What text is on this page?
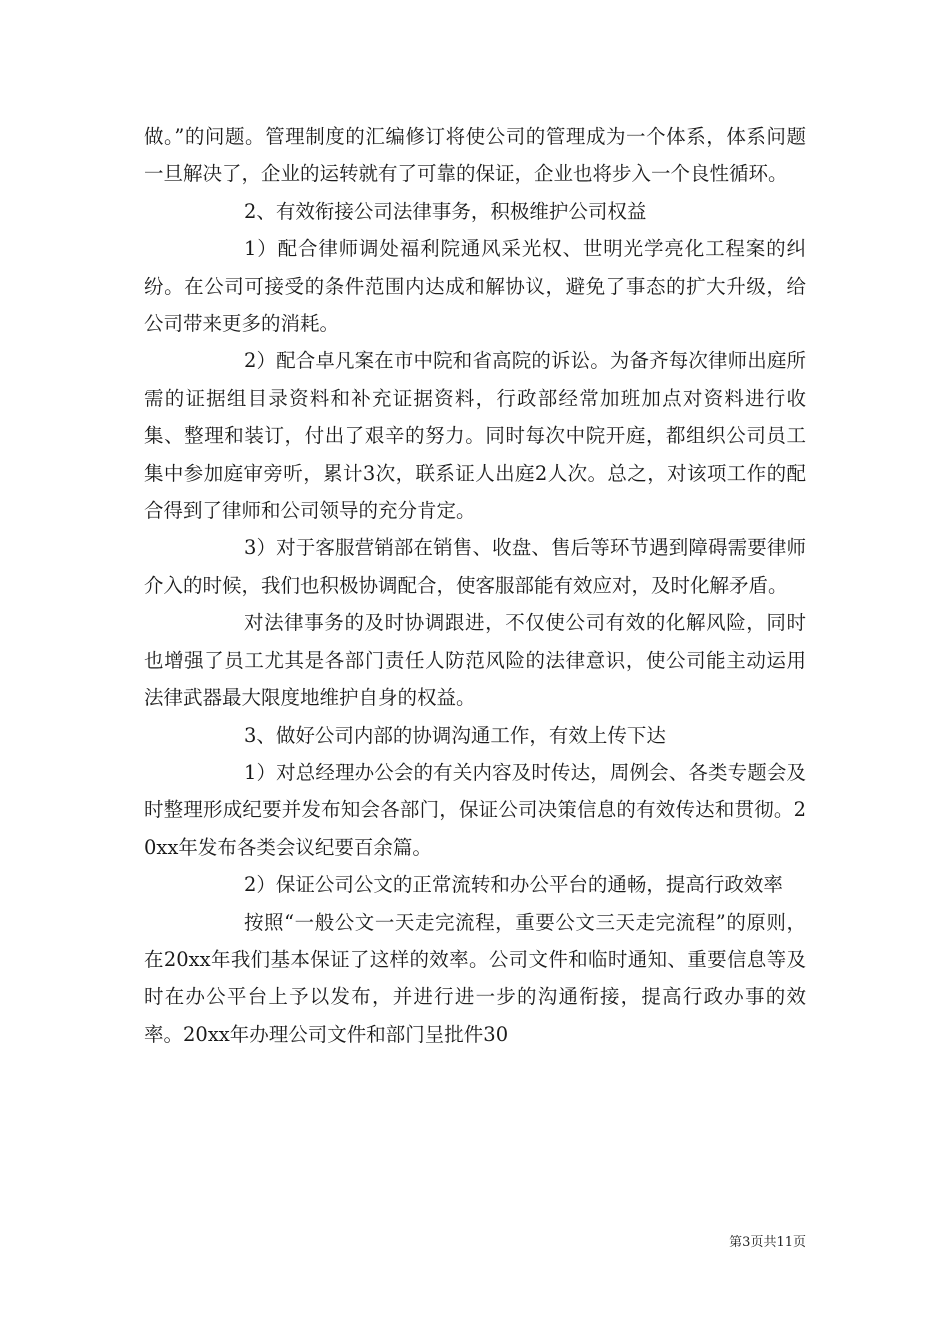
做。”的问题。管理制度的汇编修订将使公司的管理成为一个体系，体系问题一旦解决了，企业的运转就有了可靠的保证，企业也将步入一个良性循环。

2、有效衔接公司法律事务，积极维护公司权益

1）配合律师调处福利院通风采光权、世明光学亮化工程案的纠纷。在公司可接受的条件范围内达成和解协议，避免了事态的扩大升级，给公司带来更多的消耗。

2）配合卓凡案在市中院和省高院的诉讼。为备齐每次律师出庭所需的证据组目录资料和补充证据资料，行政部经常加班加点对资料进行收集、整理和装订，付出了艰辛的努力。同时每次中院开庭，都组织公司员工集中参加庭审旁听，累计3次，联系证人出庭2人次。总之，对该项工作的配合得到了律师和公司领导的充分肯定。

3）对于客服营销部在销售、收盘、售后等环节遇到障碍需要律师介入的时候，我们也积极协调配合，使客服部能有效应对，及时化解矛盾。

对法律事务的及时协调跟进，不仅使公司有效的化解风险，同时也增强了员工尤其是各部门责任人防范风险的法律意识，使公司能主动运用法律武器最大限度地维护自身的权益。

3、做好公司内部的协调沟通工作，有效上传下达

1）对总经理办公会的有关内容及时传达，周例会、各类专题会及时整理形成纪要并发布知会各部门，保证公司决策信息的有效传达和贯彻。20xx年发布各类会议纪要百余篇。

2）保证公司公文的正常流转和办公平台的通畅，提高行政效率

按照“一般公文一天走完流程，重要公文三天走完流程”的原则，在20xx年我们基本保证了这样的效率。公司文件和临时通知、重要信息等及时在办公平台上予以发布，并进行进一步的沟通衔接，提高行政办事的效率。20xx年办理公司文件和部门呈批件30

第3页共11页
